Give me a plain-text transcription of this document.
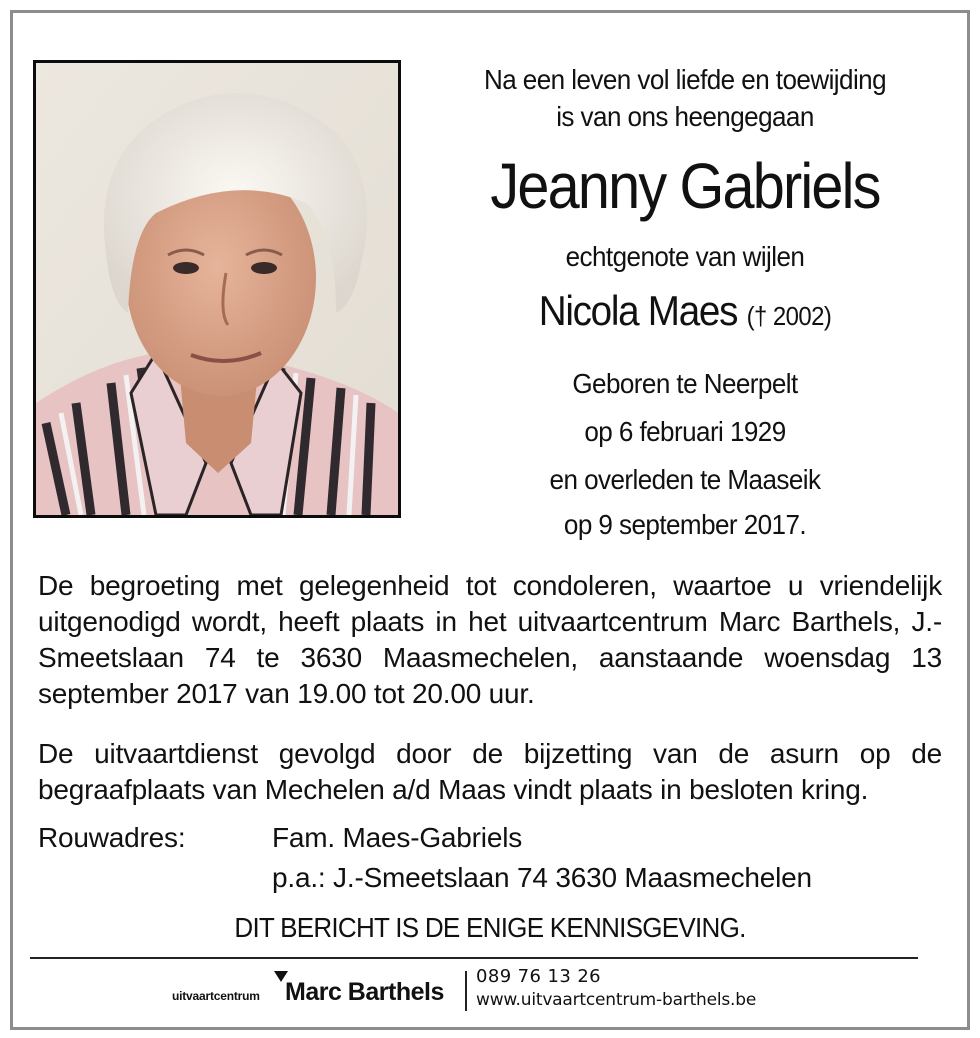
Na een leven vol liefde en toewijding
is van ons heengegaan
Jeanny Gabriels
echtgenote van wijlen
Nicola Maes († 2002)
Geboren te Neerpelt
op 6 februari 1929
en overleden te Maaseik
op 9 september 2017.
De begroeting met gelegenheid tot condoleren, waartoe u vriendelijk uitgenodigd wordt, heeft plaats in het uitvaartcentrum Marc Barthels, J.-Smeetslaan 74 te 3630 Maasmechelen, aanstaande woensdag 13 september 2017 van 19.00 tot 20.00 uur.
De uitvaartdienst gevolgd door de bijzetting van de asurn op de begraafplaats van Mechelen a/d Maas vindt plaats in besloten kring.
Rouwadres:	Fam. Maes-Gabriels
p.a.: J.-Smeetslaan 74 3630 Maasmechelen
DIT BERICHT IS DE ENIGE KENNISGEVING.
uitvaartcentrum Marc Barthels
089 76 13 26
www.uitvaartcentrum-barthels.be
